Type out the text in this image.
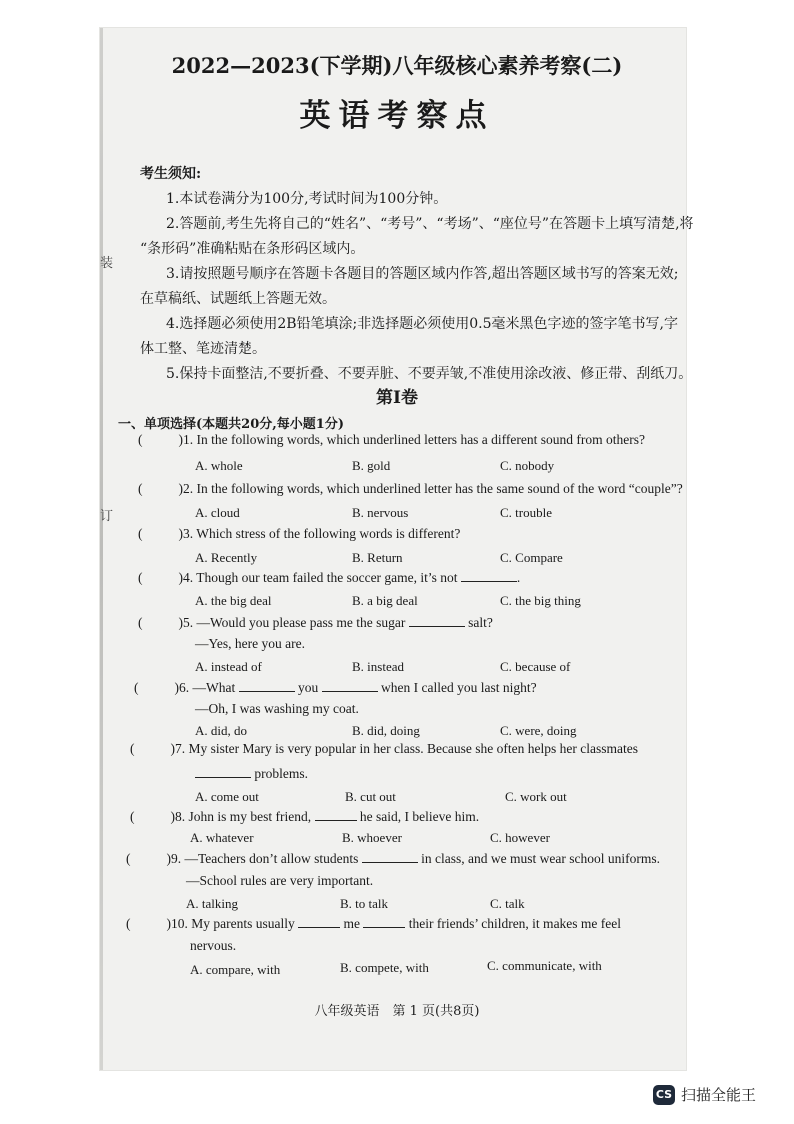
装
订
2022—2023(下学期)八年级核心素养考察(二)
英语考察点

考生须知:

1.本试卷满分为100分,考试时间为100分钟。

2.答题前,考生先将自己的“姓名”、“考号”、“考场”、“座位号”在答题卡上填写清楚,将

“条形码”准确粘贴在条形码区域内。

3.请按照题号顺序在答题卡各题目的答题区域内作答,超出答题区域书写的答案无效;

在草稿纸、试题纸上答题无效。

4.选择题必须使用2B铅笔填涂;非选择题必须使用0.5毫米黑色字迹的签字笔书写,字

体工整、笔迹清楚。

5.保持卡面整洁,不要折叠、不要弄脏、不要弄皱,不准使用涂改液、修正带、刮纸刀。

第Ⅰ卷
一、单项选择(本题共20分,每小题1分)
(	)1. In the following words, which underlined letters has a different sound from others?
A. whole	B. gold	C. nobody
(	)2. In the following words, which underlined letter has the same sound of the word “couple”?
A. cloud	B. nervous	C. trouble
(	)3. Which stress of the following words is different?
A. Recently	B. Return	C. Compare
(	)4. Though our team failed the soccer game, it’s not	.
A. the big deal	B. a big deal	C. the big thing
(	)5. —Would you please pass me the sugar	salt?
—Yes, here you are.
A. instead of	B. instead	C. because of
(	)6. —What	you	when I called you last night?
—Oh, I was washing my coat.
A. did, do	B. did, doing	C. were, doing
(	)7. My sister Mary is very popular in her class. Because she often helps her classmates
problems.
A. come out	B. cut out	C. work out
(	)8. John is my best friend,	he said, I believe him.
A. whatever	B. whoever	C. however
(	)9. —Teachers don’t allow students	in class, and we must wear school uniforms.
—School rules are very important.
A. talking	B. to talk	C. talk
(	)10. My parents usually	me	their friends’ children, it makes me feel
nervous.
A. compare, with	B. compete, with	C. communicate, with
八年级英语　第 1 页(共8页)
CS 扫描全能王
